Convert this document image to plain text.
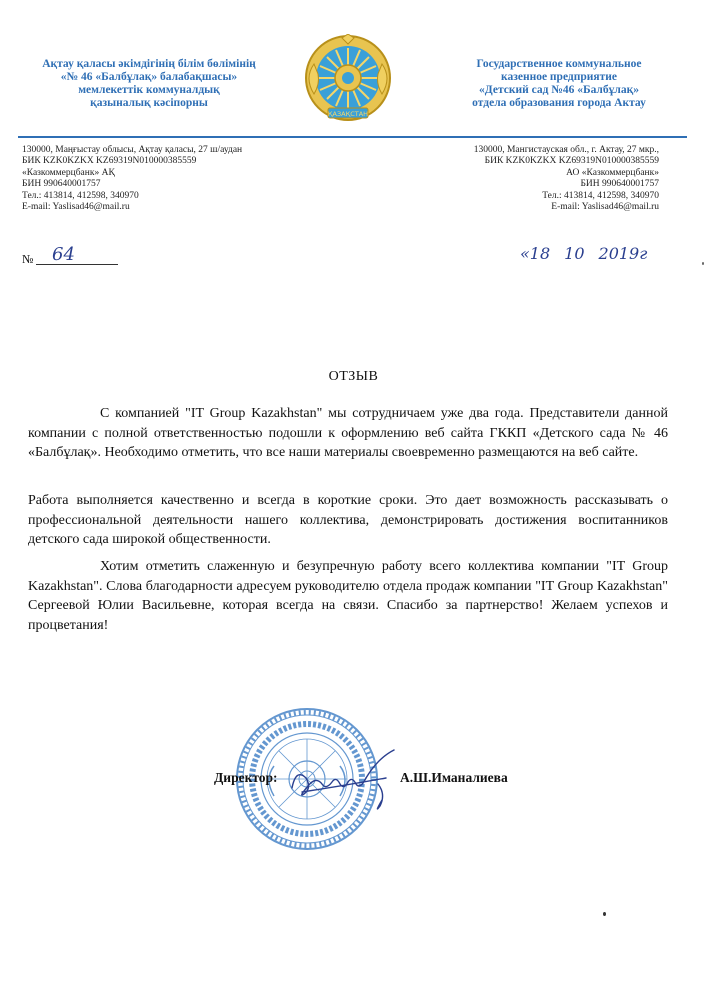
Ақтау қаласы әкімдігінің білім бөлімінің
«№ 46 «Балбұлақ» балабақшасы»
мемлекеттік коммуналдық
қазыналық кәсіпорны
ҚАЗАҚСТАН
Государственное коммунальное
казенное предприятие
«Детский сад №46 «Балбұлақ»
отдела образования города Актау
130000, Маңғыстау облысы, Ақтау қаласы, 27 ш/аудан
БИК KZK0KZKX KZ69319N010000385559
«Казкоммерцбанк» АҚ
БИН 990640001757
Тел.: 413814, 412598, 340970
E-mail: Yaslisad46@mail.ru
130000, Мангистауская обл., г. Актау, 27 мкр.,
БИК KZK0KZKX KZ69319N010000385559
АО «Казкоммерцбанк»
БИН 990640001757
Тел.: 413814, 412598, 340970
E-mail: Yaslisad46@mail.ru
№ 64	«18 10 2019г
ОТЗЫВ
С компанией "IT Group Kazakhstan" мы сотрудничаем уже два года. Представители данной компании с полной ответственностью подошли к оформлению веб сайта ГККП «Детского сада № 46 «Балбұлақ». Необходимо отметить, что все наши материалы своевременно размещаются на веб сайте.
Работа выполняется качественно и всегда в короткие сроки. Это дает возможность рассказывать о профессиональной деятельности нашего коллектива, демонстрировать достижения воспитанников детского сада широкой общественности.
Хотим отметить слаженную и безупречную работу всего коллектива компании "IT Group Kazakhstan". Слова благодарности адресуем руководителю отдела продаж компании "IT Group Kazakhstan" Сергеевой Юлии Васильевне, которая всегда на связи. Спасибо за партнерство! Желаем успехов и процветания!
Директор:	А.Ш.Иманалиева
